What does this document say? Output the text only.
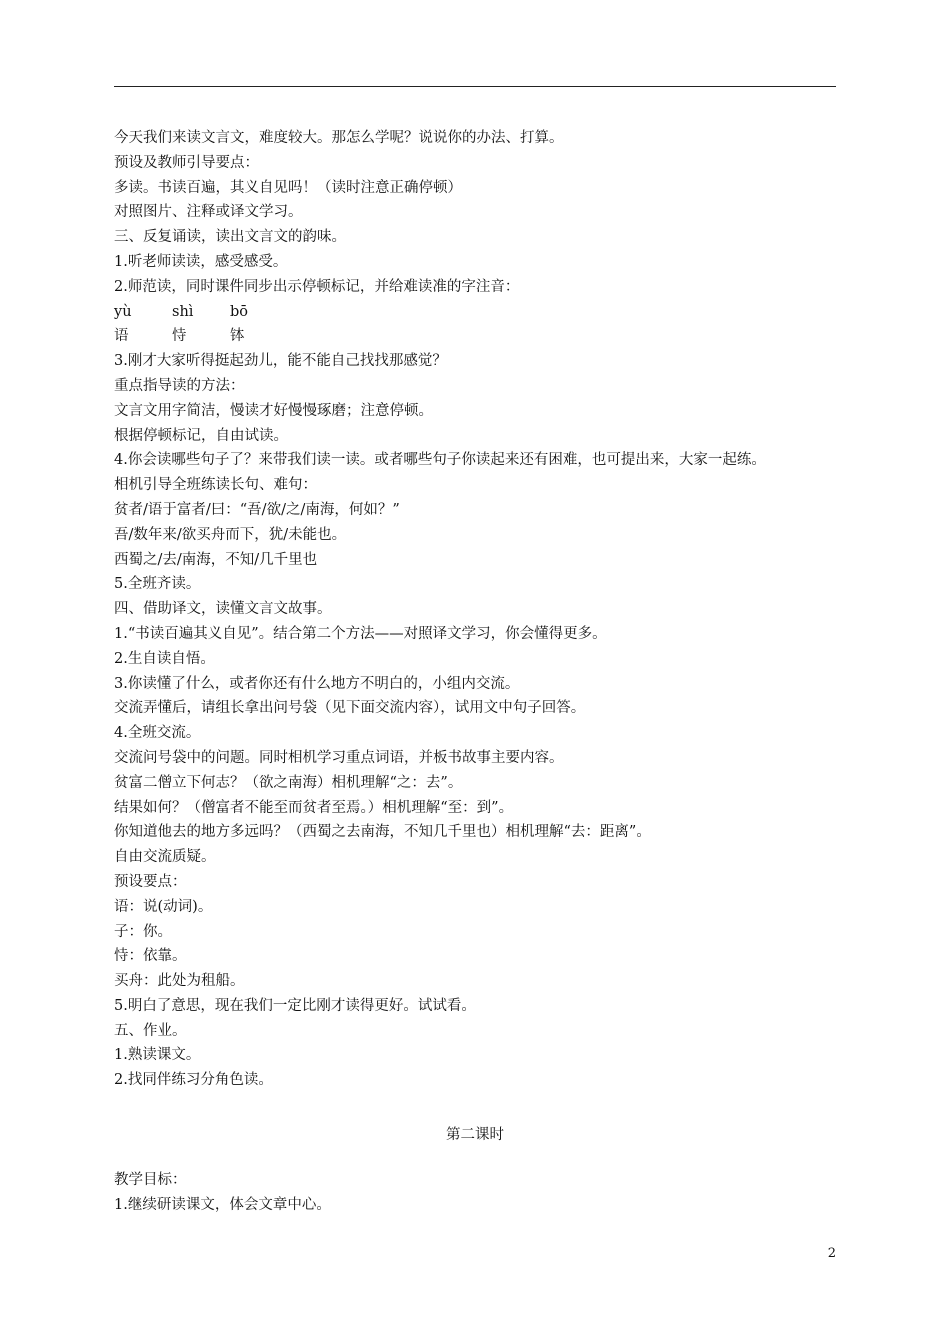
今天我们来读文言文，难度较大。那怎么学呢？说说你的办法、打算。
预设及教师引导要点：
多读。书读百遍，其义自见吗！（读时注意正确停顿）
对照图片、注释或译文学习。
三、反复诵读，读出文言文的韵味。
1.听老师读读，感受感受。
2.师范读，同时课件同步出示停顿标记，并给难读准的字注音：
yù	shì	bō
语	恃	钵
3.刚才大家听得挺起劲儿，能不能自己找找那感觉？
重点指导读的方法：
文言文用字简洁，慢读才好慢慢琢磨；注意停顿。
根据停顿标记，自由试读。
4.你会读哪些句子了？来带我们读一读。或者哪些句子你读起来还有困难，也可提出来，大家一起练。
相机引导全班练读长句、难句：
贫者/语于富者/曰：“吾/欲/之/南海，何如？”
吾/数年来/欲买舟而下，犹/未能也。
西蜀之/去/南海，不知/几千里也
5.全班齐读。
四、借助译文，读懂文言文故事。
1.“书读百遍其义自见”。结合第二个方法——对照译文学习，你会懂得更多。
2.生自读自悟。
3.你读懂了什么，或者你还有什么地方不明白的，小组内交流。
交流弄懂后，请组长拿出问号袋（见下面交流内容），试用文中句子回答。
4.全班交流。
交流问号袋中的问题。同时相机学习重点词语，并板书故事主要内容。
贫富二僧立下何志？（欲之南海）相机理解“之：去”。
结果如何？（僧富者不能至而贫者至焉。）相机理解“至：到”。
你知道他去的地方多远吗？（西蜀之去南海，不知几千里也）相机理解“去：距离”。
自由交流质疑。
预设要点：
语：说(动词)。
子：你。
恃：依靠。
买舟：此处为租船。
5.明白了意思，现在我们一定比刚才读得更好。试试看。
五、作业。
1.熟读课文。
2.找同伴练习分角色读。
第二课时
教学目标：
1.继续研读课文，体会文章中心。
2
